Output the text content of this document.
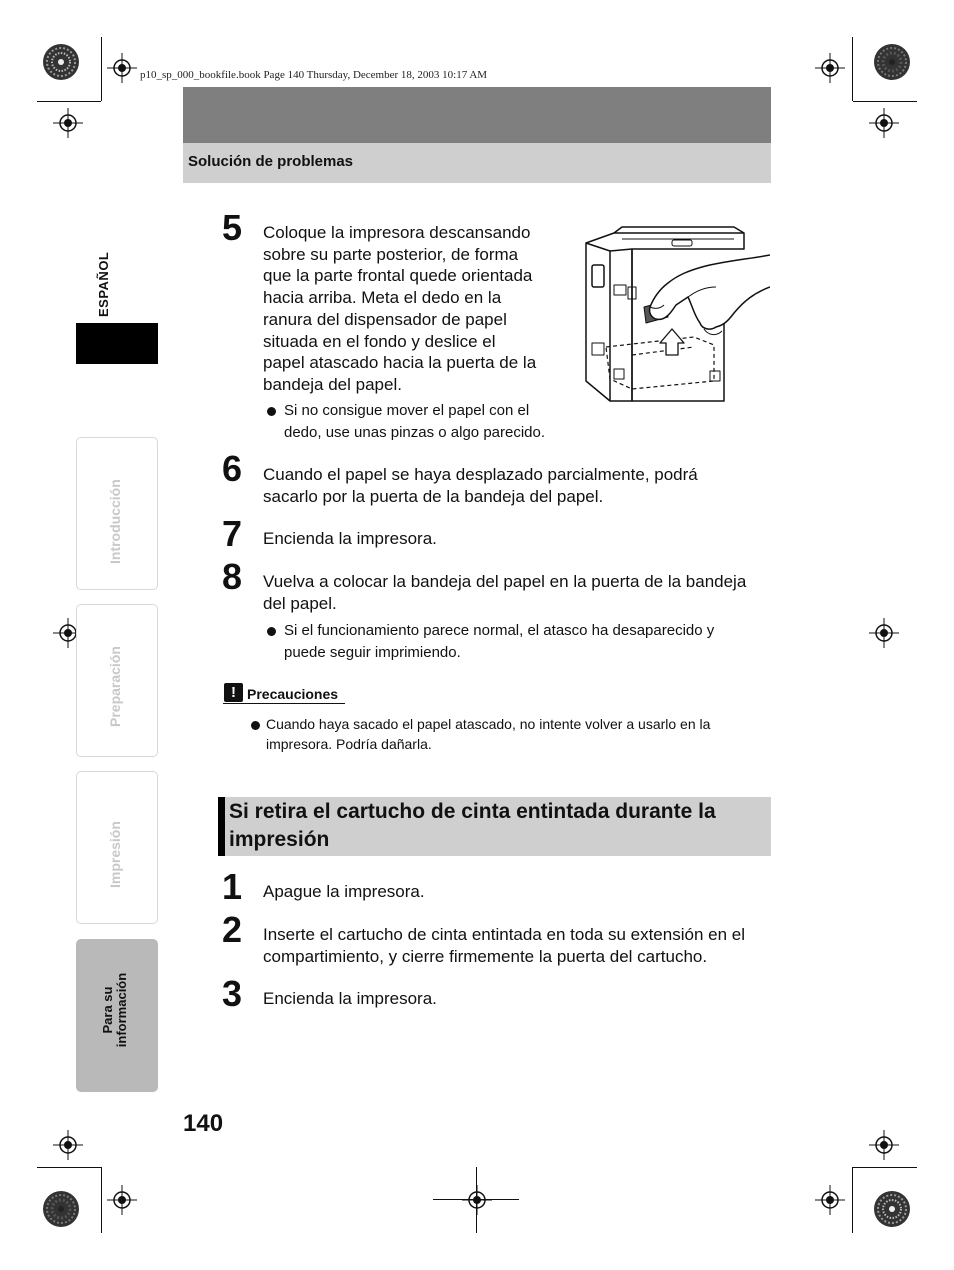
p10_sp_000_bookfile.book Page 140 Thursday, December 18, 2003 10:17 AM
Solución de problemas
ESPAÑOL
Introducción
Preparación
Impresión
Para su información
5 Coloque la impresora descansando
sobre su parte posterior, de forma
que la parte frontal quede orientada
hacia arriba. Meta el dedo en la
ranura del dispensador de papel
situada en el fondo y deslice el
papel atascado hacia la puerta de la
bandeja del papel.
Si no consigue mover el papel con el
dedo, use unas pinzas o algo parecido.
6 Cuando el papel se haya desplazado parcialmente, podrá
sacarlo por la puerta de la bandeja del papel.
7 Encienda la impresora.
8 Vuelva a colocar la bandeja del papel en la puerta de la bandeja
del papel.
Si el funcionamiento parece normal, el atasco ha desaparecido y
puede seguir imprimiendo.
! Precauciones
Cuando haya sacado el papel atascado, no intente volver a usarlo en la
impresora. Podría dañarla.
Si retira el cartucho de cinta entintada durante la
impresión
1 Apague la impresora.
2 Inserte el cartucho de cinta entintada en toda su extensión en el
compartimiento, y cierre firmemente la puerta del cartucho.
3 Encienda la impresora.
140
